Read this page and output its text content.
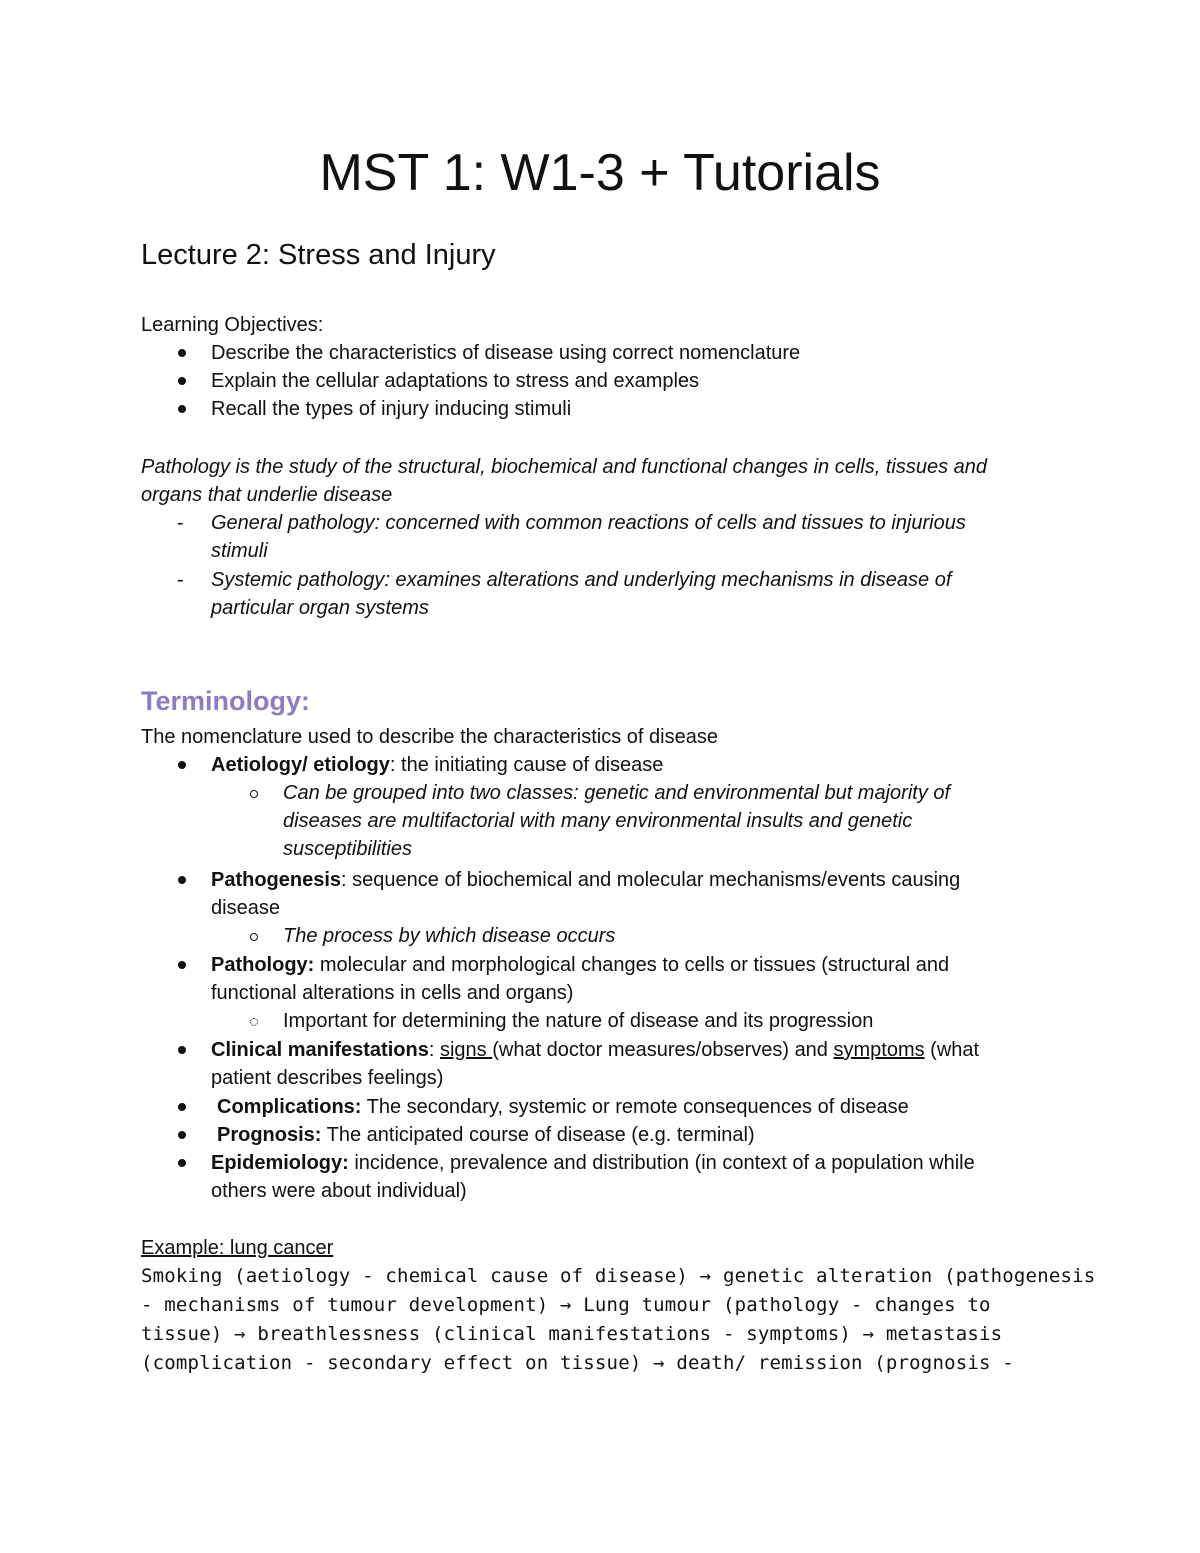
MST 1: W1-3 + Tutorials
Lecture 2: Stress and Injury
Learning Objectives:
Describe the characteristics of disease using correct nomenclature
Explain the cellular adaptations to stress and examples
Recall the types of injury inducing stimuli
Pathology is the study of the structural, biochemical and functional changes in cells, tissues and
organs that underlie disease
- General pathology: concerned with common reactions of cells and tissues to injurious
stimuli
- Systemic pathology: examines alterations and underlying mechanisms in disease of
particular organ systems
Terminology:
The nomenclature used to describe the characteristics of disease
Aetiology/ etiology: the initiating cause of disease
Can be grouped into two classes: genetic and environmental but majority of
diseases are multifactorial with many environmental insults and genetic
susceptibilities
Pathogenesis: sequence of biochemical and molecular mechanisms/events causing
disease
The process by which disease occurs
Pathology: molecular and morphological changes to cells or tissues (structural and
functional alterations in cells and organs)
Important for determining the nature of disease and its progression
Clinical manifestations: signs (what doctor measures/observes) and symptoms (what
patient describes feelings)
Complications: The secondary, systemic or remote consequences of disease
Prognosis: The anticipated course of disease (e.g. terminal)
Epidemiology: incidence, prevalence and distribution (in context of a population while
others were about individual)
Example: lung cancer
Smoking (aetiology - chemical cause of disease) → genetic alteration (pathogenesis
- mechanisms of tumour development) → Lung tumour (pathology - changes to
tissue) → breathlessness (clinical manifestations - symptoms) → metastasis
(complication - secondary effect on tissue) → death/ remission (prognosis -
